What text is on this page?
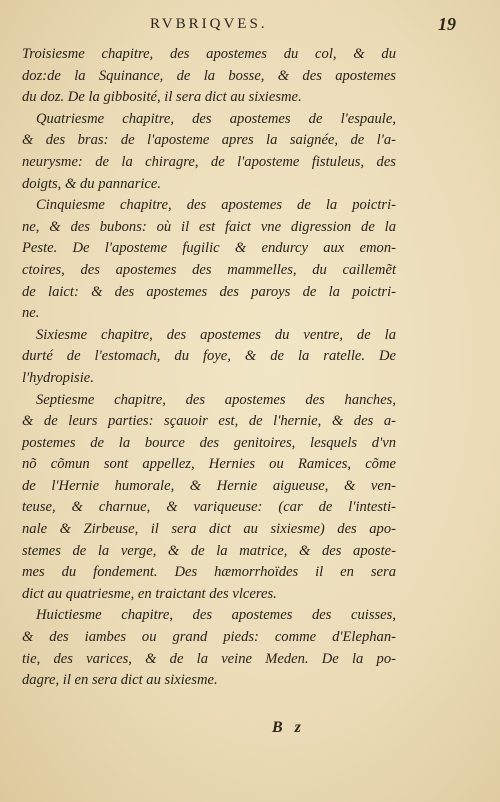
RVBRIQVES.	19
Troisiesme chapitre, des apostemes du col, & du
doz:de la Squinance, de la bosse, & des apostemes
du doz. De la gibbosité, il sera dict au sixiesme.
Quatriesme chapitre, des apostemes de l'espaule,
& des bras: de l'aposteme apres la saignée, de l'a-
neurysme: de la chiragre, de l'aposteme fistuleus, des
doigts, & du pannarice.
Cinquiesme chapitre, des apostemes de la poictri-
ne, & des bubons: où il est faict vne digression de la
Peste. De l'aposteme fugilic & endurcy aux emon-
ctoires, des apostemes des mammelles, du caillemẽt
de laict: & des apostemes des paroys de la poictri-
ne.
Sixiesme chapitre, des apostemes du ventre, de la
durté de l'estomach, du foye, & de la ratelle. De
l'hydropisie.
Septiesme chapitre, des apostemes des hanches,
& de leurs parties: sçauoir est, de l'hernie, & des a-
postemes de la bource des genitoires, lesquels d'vn
nõ cõmun sont appellez, Hernies ou Ramices, cõme
de l'Hernie humorale, & Hernie aigueuse, & ven-
teuse, & charnue, & variqueuse: (car de l'intesti-
nale & Zirbeuse, il sera dict au sixiesme) des apo-
stemes de la verge, & de la matrice, & des aposte-
mes du fondement. Des hæmorrhoïdes il en sera
dict au quatriesme, en traictant des vlceres.
Huictiesme chapitre, des apostemes des cuisses,
& des iambes ou grand pieds: comme d'Elephan-
tie, des varices, & de la veine Meden. De la po-
dagre, il en sera dict au sixiesme.
B z
